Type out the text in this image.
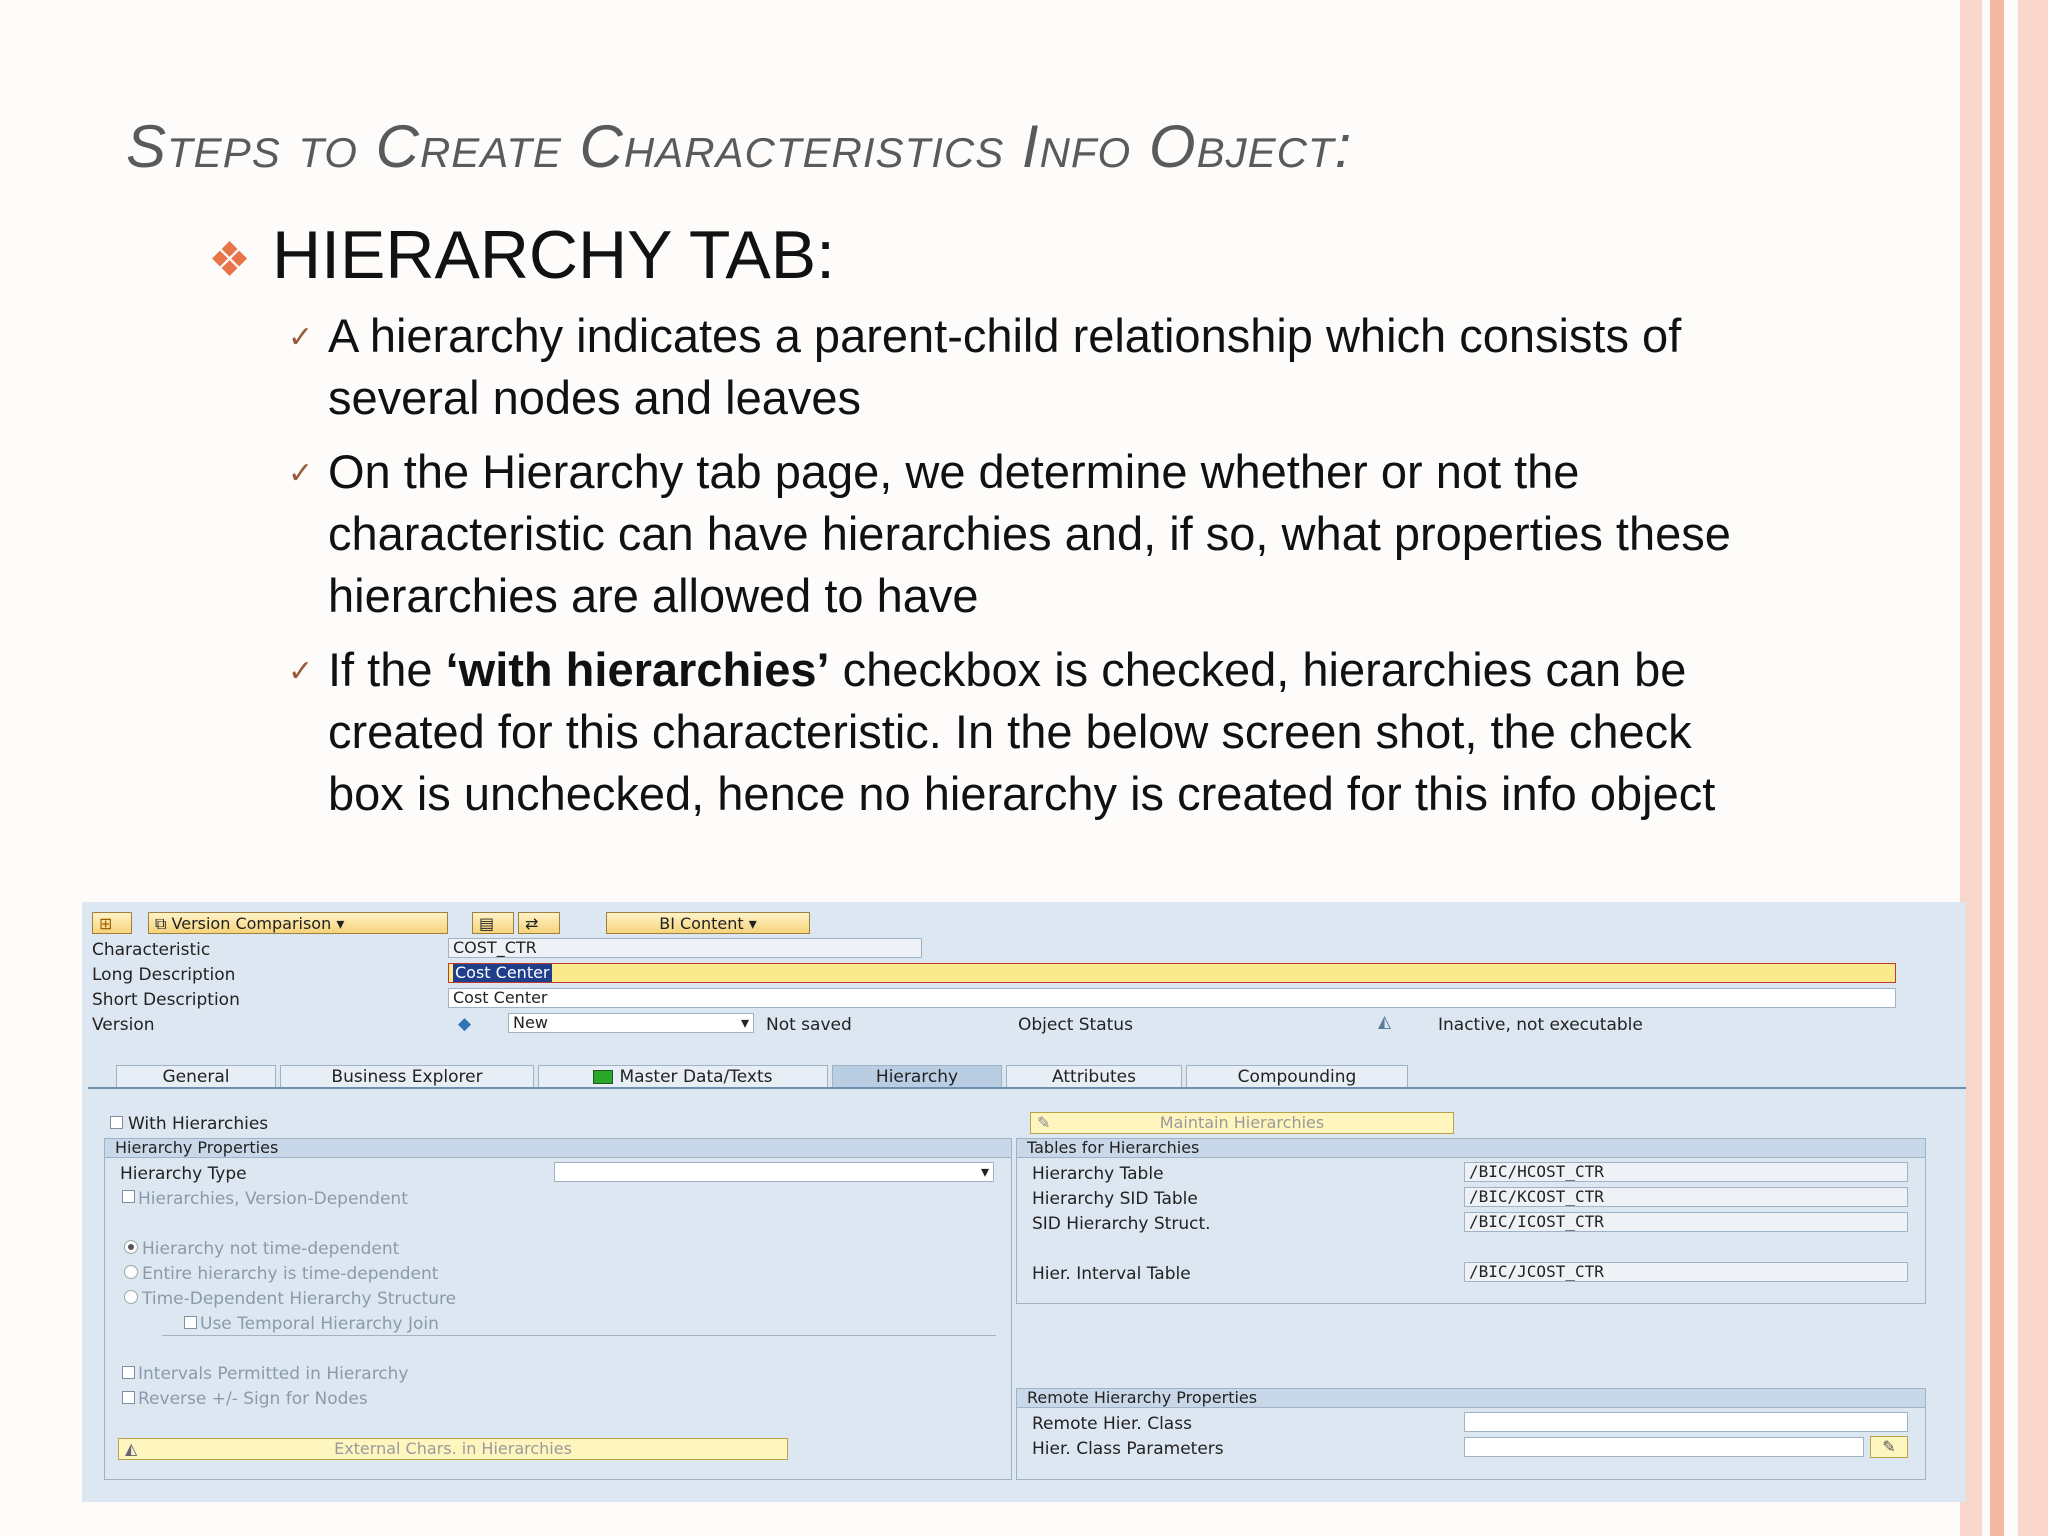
Steps to Create Characteristics Info Object:
❖ HIERARCHY TAB:
✓ A hierarchy indicates a parent-child relationship which consists of several nodes and leaves
✓ On the Hierarchy tab page, we determine whether or not the characteristic can have hierarchies and, if so, what properties these hierarchies are allowed to have
✓ If the ‘with hierarchies’ checkbox is checked, hierarchies can be created for this characteristic. In the below screen shot, the check box is unchecked, hence no hierarchy is created for this info object
⊞	⧉ Version Comparison ▾	▤	⇄	BI Content ▾
Characteristic	COST_CTR
Long Description	Cost Center
Short Description	Cost Center
Version	◆	New	▾ Not saved	Object Status	◭	Inactive, not executable
General	Business Explorer	Master Data/Texts	Hierarchy	Attributes	Compounding
With Hierarchies	✎	Maintain Hierarchies
Hierarchy Properties
Hierarchy Type	▾
Hierarchies, Version-Dependent
Hierarchy not time-dependent
Entire hierarchy is time-dependent
Time-Dependent Hierarchy Structure
Use Temporal Hierarchy Join
Intervals Permitted in Hierarchy
Reverse +/- Sign for Nodes
◭	External Chars. in Hierarchies
Tables for Hierarchies
Hierarchy Table	/BIC/HCOST_CTR
Hierarchy SID Table	/BIC/KCOST_CTR
SID Hierarchy Struct.	/BIC/ICOST_CTR
Hier. Interval Table	/BIC/JCOST_CTR
Remote Hierarchy Properties
Remote Hier. Class
Hier. Class Parameters	✎
